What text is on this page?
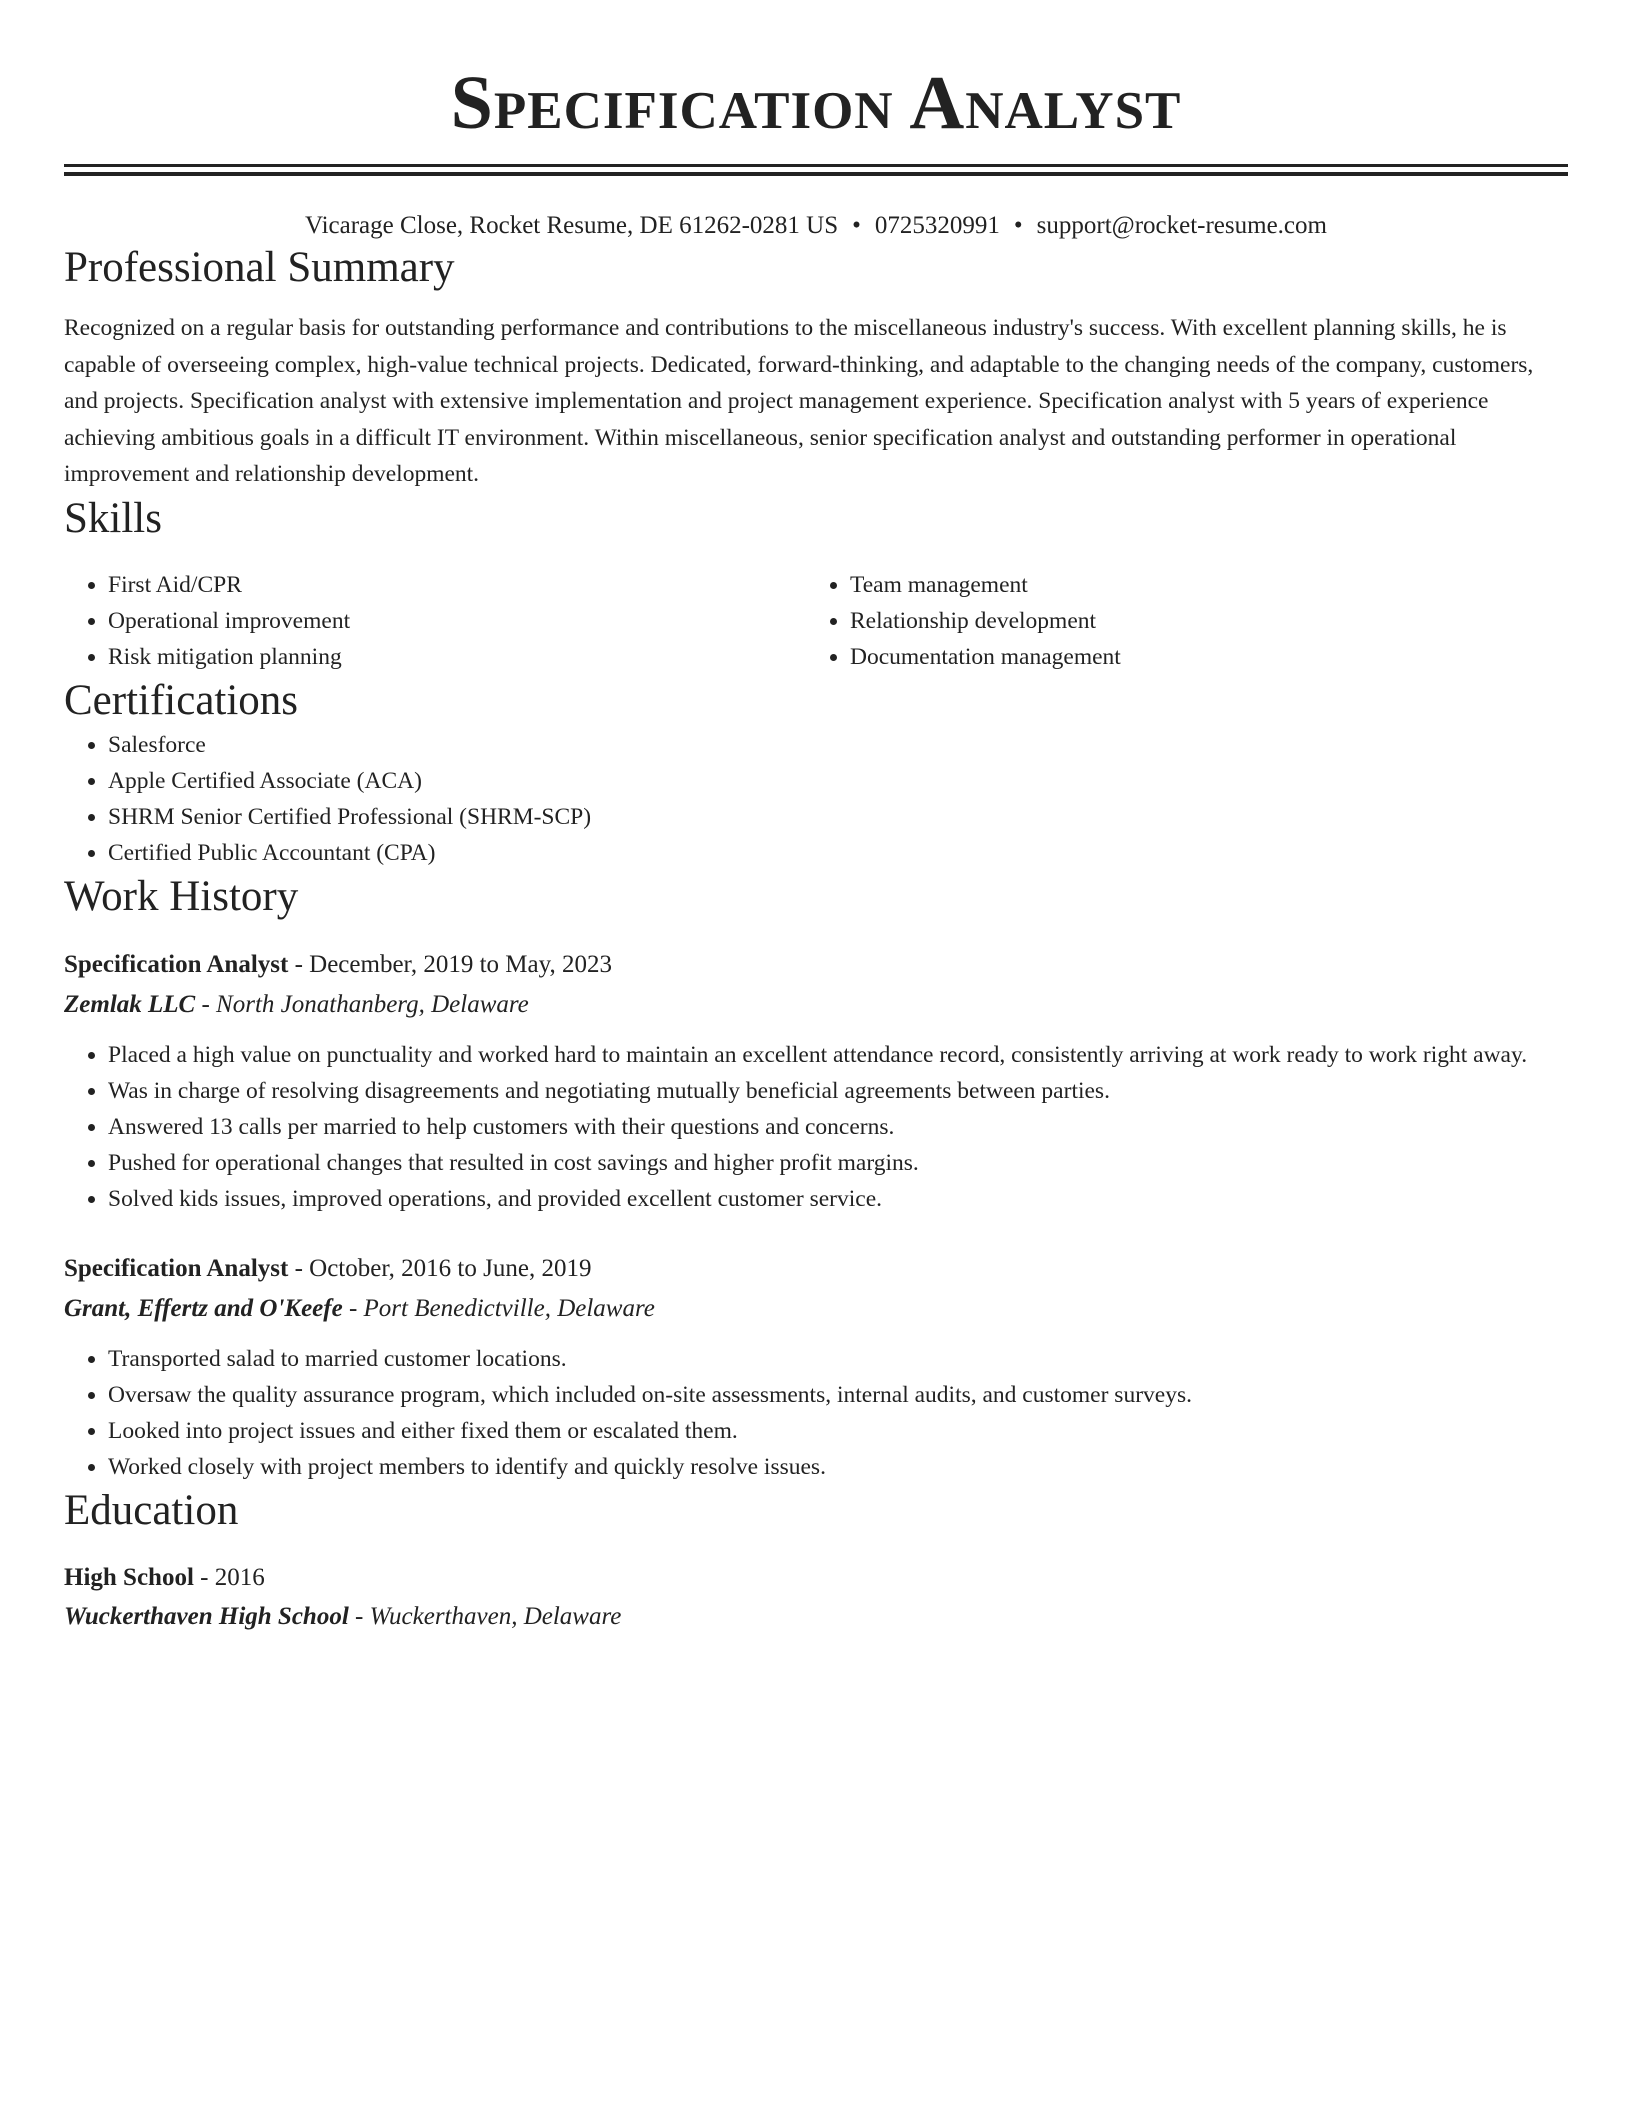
Specification Analyst
Vicarage Close, Rocket Resume, DE 61262-0281 US • 0725320991 • support@rocket-resume.com
Professional Summary
Recognized on a regular basis for outstanding performance and contributions to the miscellaneous industry's success. With excellent planning skills, he is capable of overseeing complex, high-value technical projects. Dedicated, forward-thinking, and adaptable to the changing needs of the company, customers, and projects. Specification analyst with extensive implementation and project management experience. Specification analyst with 5 years of experience achieving ambitious goals in a difficult IT environment. Within miscellaneous, senior specification analyst and outstanding performer in operational improvement and relationship development.
Skills
• First Aid/CPR
• Operational improvement
• Risk mitigation planning
• Team management
• Relationship development
• Documentation management
Certifications
• Salesforce
• Apple Certified Associate (ACA)
• SHRM Senior Certified Professional (SHRM-SCP)
• Certified Public Accountant (CPA)
Work History
Specification Analyst - December, 2019 to May, 2023
Zemlak LLC - North Jonathanberg, Delaware
• Placed a high value on punctuality and worked hard to maintain an excellent attendance record, consistently arriving at work ready to work right away.
• Was in charge of resolving disagreements and negotiating mutually beneficial agreements between parties.
• Answered 13 calls per married to help customers with their questions and concerns.
• Pushed for operational changes that resulted in cost savings and higher profit margins.
• Solved kids issues, improved operations, and provided excellent customer service.
Specification Analyst - October, 2016 to June, 2019
Grant, Effertz and O'Keefe - Port Benedictville, Delaware
• Transported salad to married customer locations.
• Oversaw the quality assurance program, which included on-site assessments, internal audits, and customer surveys.
• Looked into project issues and either fixed them or escalated them.
• Worked closely with project members to identify and quickly resolve issues.
Education
High School - 2016
Wuckerthaven High School - Wuckerthaven, Delaware
